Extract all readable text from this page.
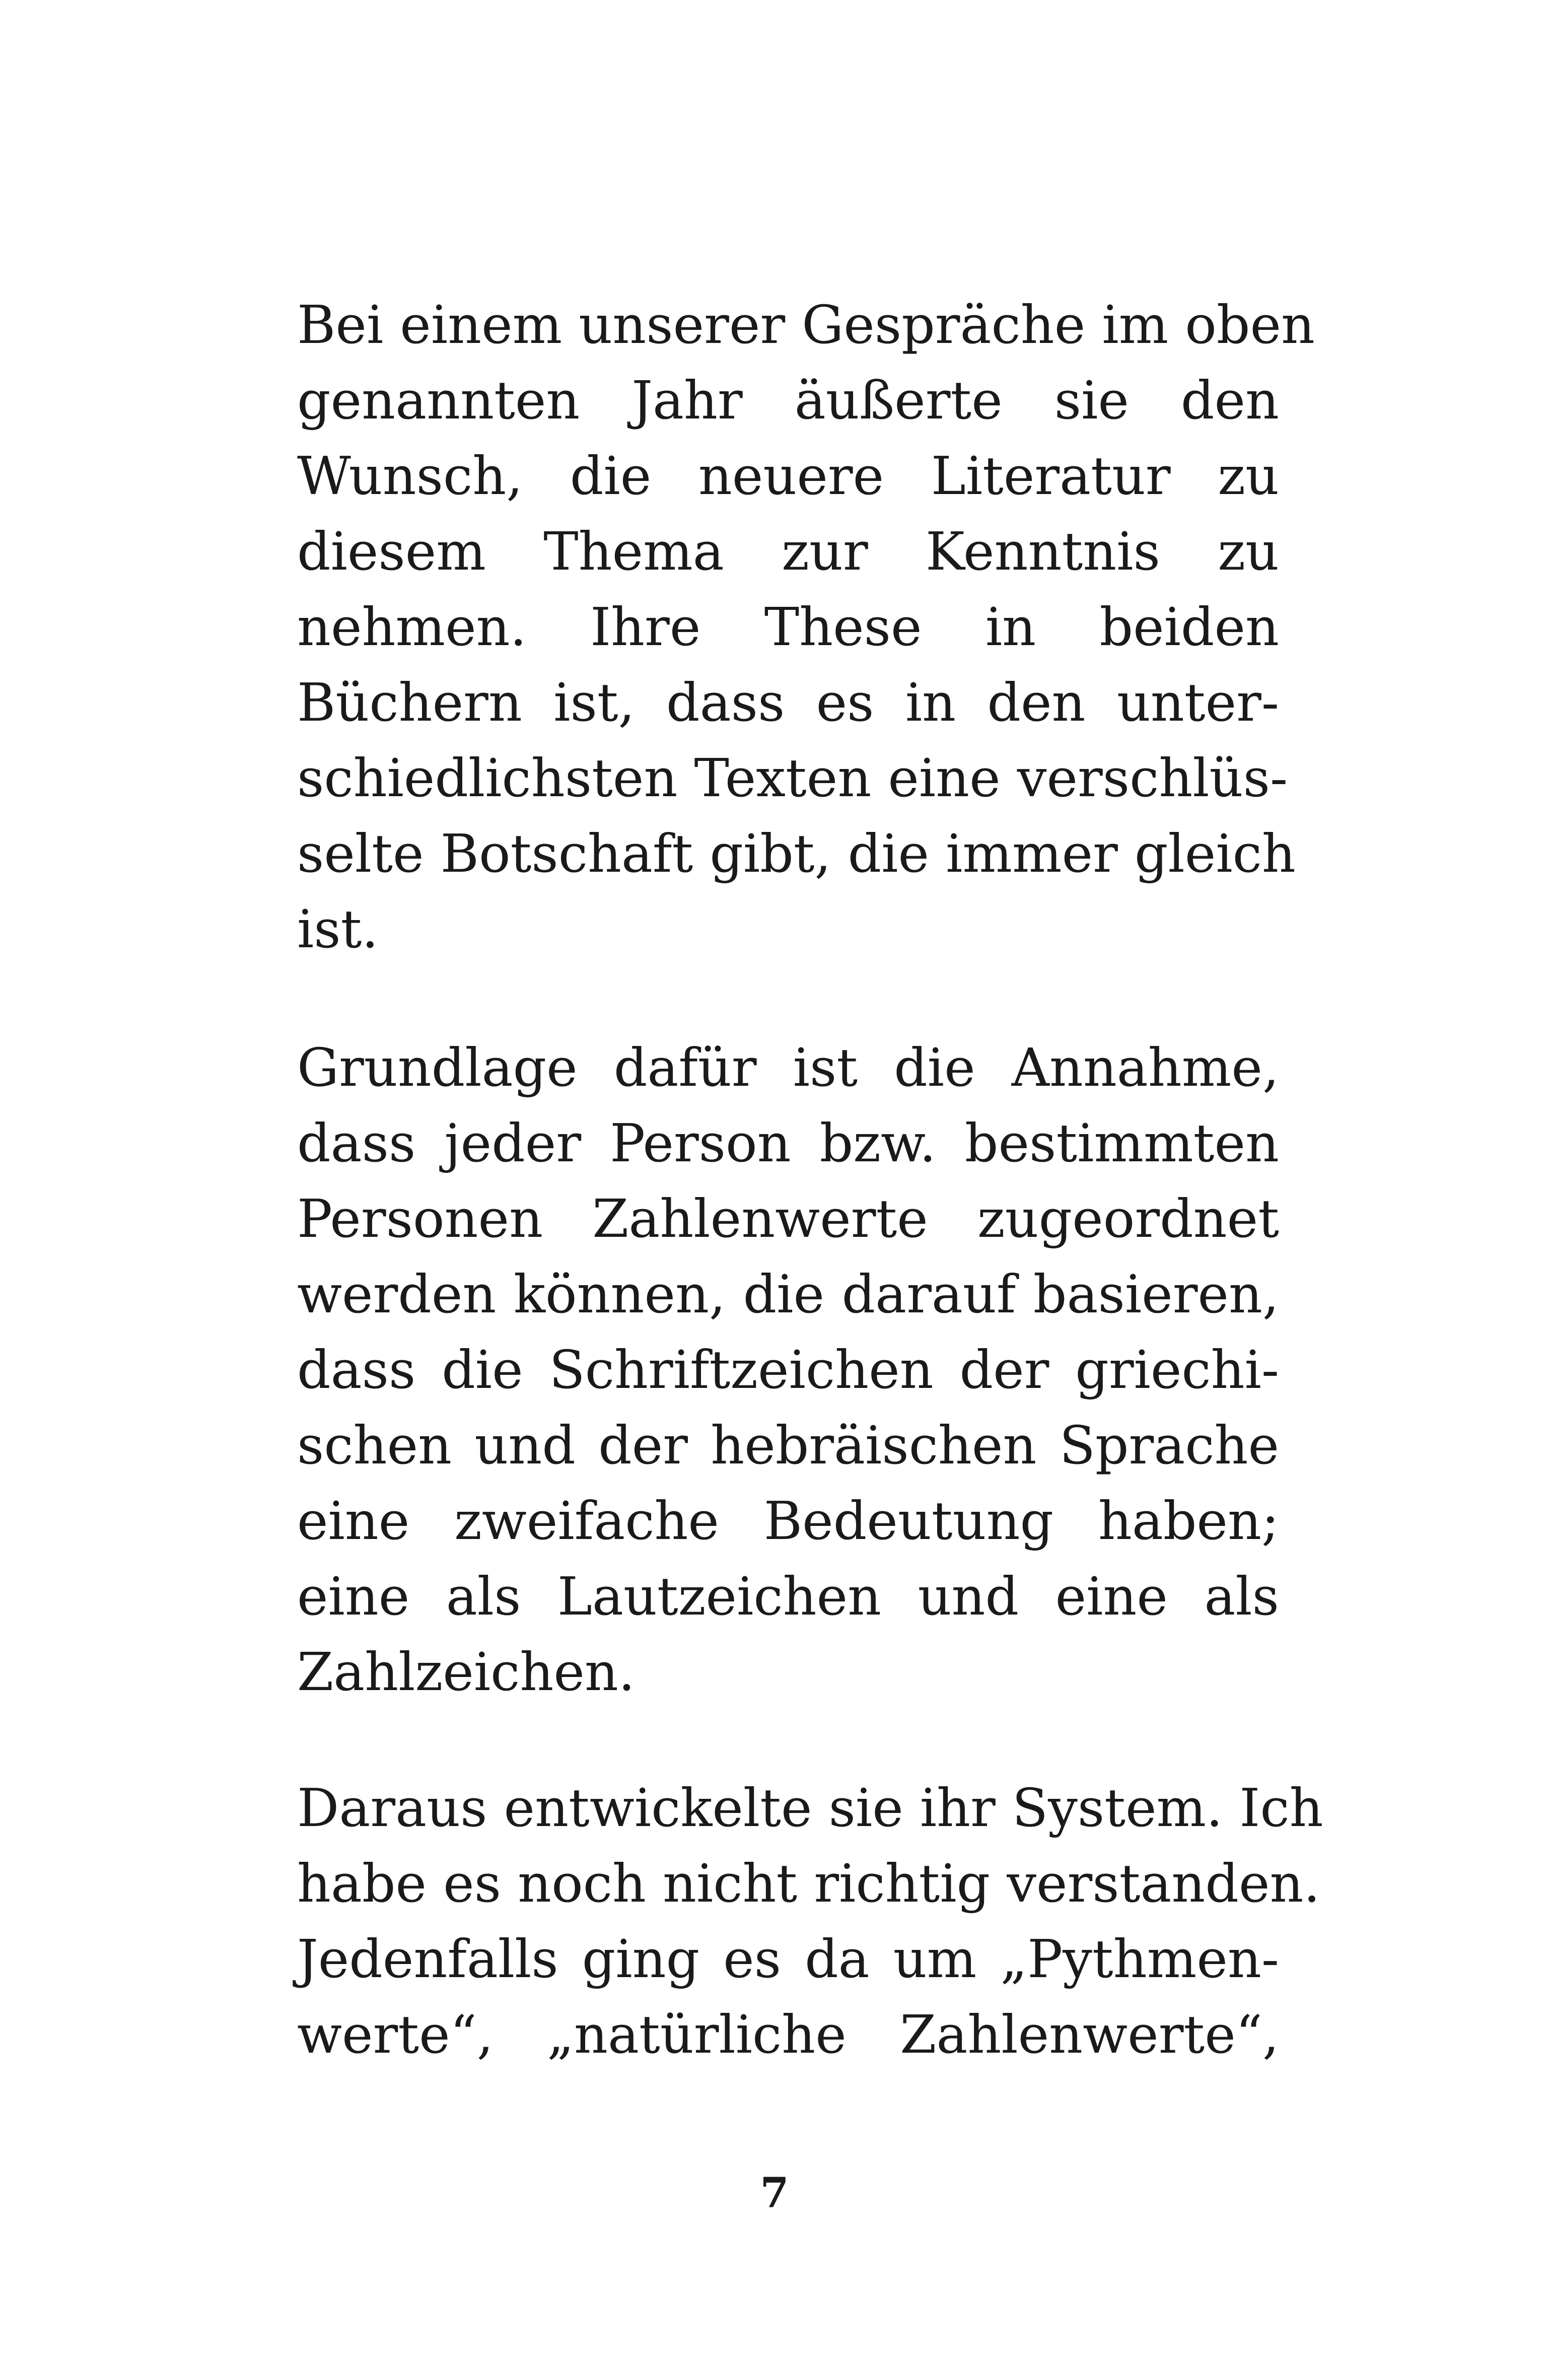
Bei einem unserer Gespräche im oben
genannten Jahr äußerte sie den
Wunsch, die neuere Literatur zu
diesem Thema zur Kenntnis zu
nehmen. Ihre These in beiden
Büchern ist, dass es in den unter-
schiedlichsten Texten eine verschlüs-
selte Botschaft gibt, die immer gleich
ist.
Grundlage dafür ist die Annahme,
dass jeder Person bzw. bestimmten
Personen Zahlenwerte zugeordnet
werden können, die darauf basieren,
dass die Schriftzeichen der griechi-
schen und der hebräischen Sprache
eine zweifache Bedeutung haben;
eine als Lautzeichen und eine als
Zahlzeichen.
Daraus entwickelte sie ihr System. Ich
habe es noch nicht richtig verstanden.
Jedenfalls ging es da um „Pythmen-
werte“, „natürliche Zahlenwerte“,
7
